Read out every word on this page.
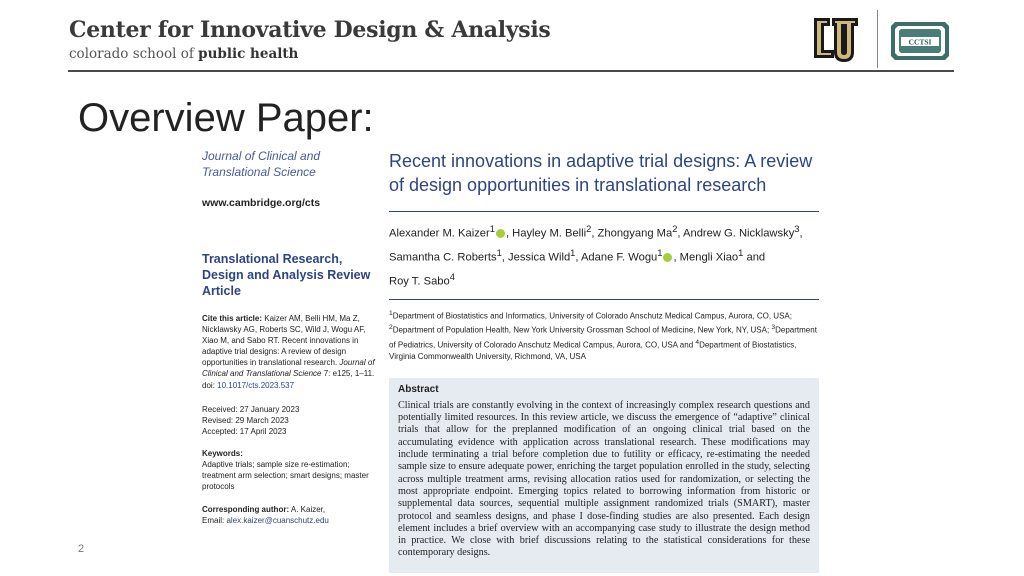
Center for Innovative Design & Analysis
colorado school of public health
CCTSI
Overview Paper:
Journal of Clinical and Translational Science
www.cambridge.org/cts
Translational Research, Design and Analysis Review Article
Cite this article: Kaizer AM, Belli HM, Ma Z, Nicklawsky AG, Roberts SC, Wild J, Wogu AF, Xiao M, and Sabo RT. Recent innovations in adaptive trial designs: A review of design opportunities in translational research. Journal of Clinical and Translational Science 7: e125, 1–11. doi: 10.1017/cts.2023.537
Received: 27 January 2023
Revised: 29 March 2023
Accepted: 17 April 2023
Keywords:
Adaptive trials; sample size re-estimation; treatment arm selection; smart designs; master protocols
Corresponding author: A. Kaizer,
Email: alex.kaizer@cuanschutz.edu
Recent innovations in adaptive trial designs: A review of design opportunities in translational research
Alexander M. Kaizer$^1$ , Hayley M. Belli$^2$, Zhongyang Ma$^2$, Andrew G. Nicklawsky$^3$,
Samantha C. Roberts$^1$, Jessica Wild$^1$, Adane F. Wogu$^1$ , Mengli Xiao$^1$ and
Roy T. Sabo$^4$
$^1$Department of Biostatistics and Informatics, University of Colorado Anschutz Medical Campus, Aurora, CO, USA; $^2$Department of Population Health, New York University Grossman School of Medicine, New York, NY, USA; $^3$Department of Pediatrics, University of Colorado Anschutz Medical Campus, Aurora, CO, USA and $^4$Department of Biostatistics, Virginia Commonwealth University, Richmond, VA, USA
Abstract
Clinical trials are constantly evolving in the context of increasingly complex research questions and potentially limited resources. In this review article, we discuss the emergence of “adaptive” clinical trials that allow for the preplanned modification of an ongoing clinical trial based on the accumulating evidence with application across translational research. These modifications may include terminating a trial before completion due to futility or efficacy, re-estimating the needed sample size to ensure adequate power, enriching the target population enrolled in the study, selecting across multiple treatment arms, revising allocation ratios used for randomization, or selecting the most appropriate endpoint. Emerging topics related to borrowing information from historic or supplemental data sources, sequential multiple assignment randomized trials (SMART), master protocol and seamless designs, and phase I dose-finding studies are also presented. Each design element includes a brief overview with an accompanying case study to illustrate the design method in practice. We close with brief discussions relating to the statistical considerations for these contemporary designs.
2
